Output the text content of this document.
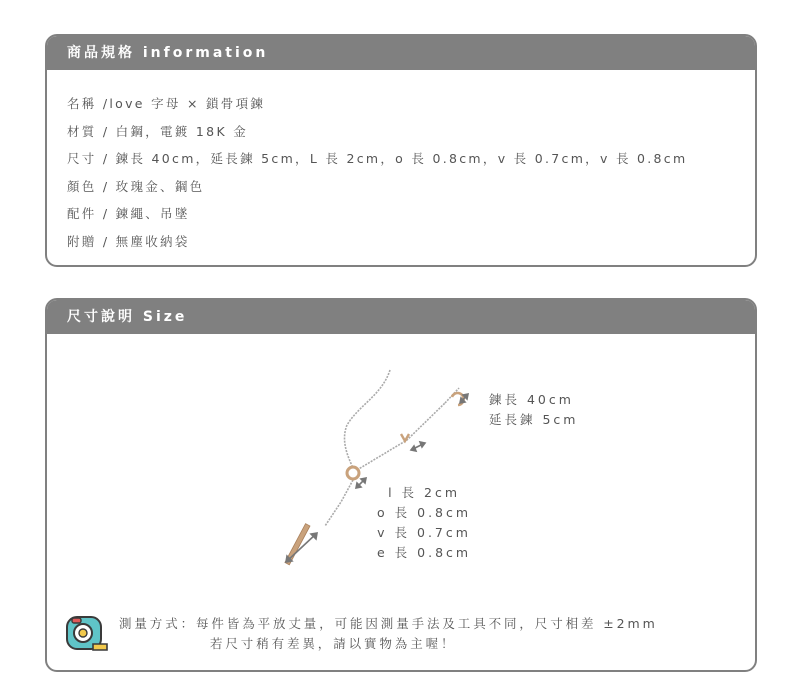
商品規格 information
名稱 /love 字母 × 鎖骨項鍊
材質 / 白鋼，電鍍 18K 金
尺寸 / 鍊長 40cm，延長鍊 5cm，L 長 2cm，o 長 0.8cm，v 長 0.7cm，v 長 0.8cm
顏色 / 玫瑰金、鋼色
配件 / 鍊繩、吊墜
附贈 / 無塵收納袋
尺寸說明 Size
鍊長 40cm
延長鍊 5cm
l 長 2cm
o 長 0.8cm
v 長 0.7cm
e 長 0.8cm
測量方式：每件皆為平放丈量，可能因測量手法及工具不同，尺寸相差 ±2mm
若尺寸稍有差異，請以實物為主喔！
